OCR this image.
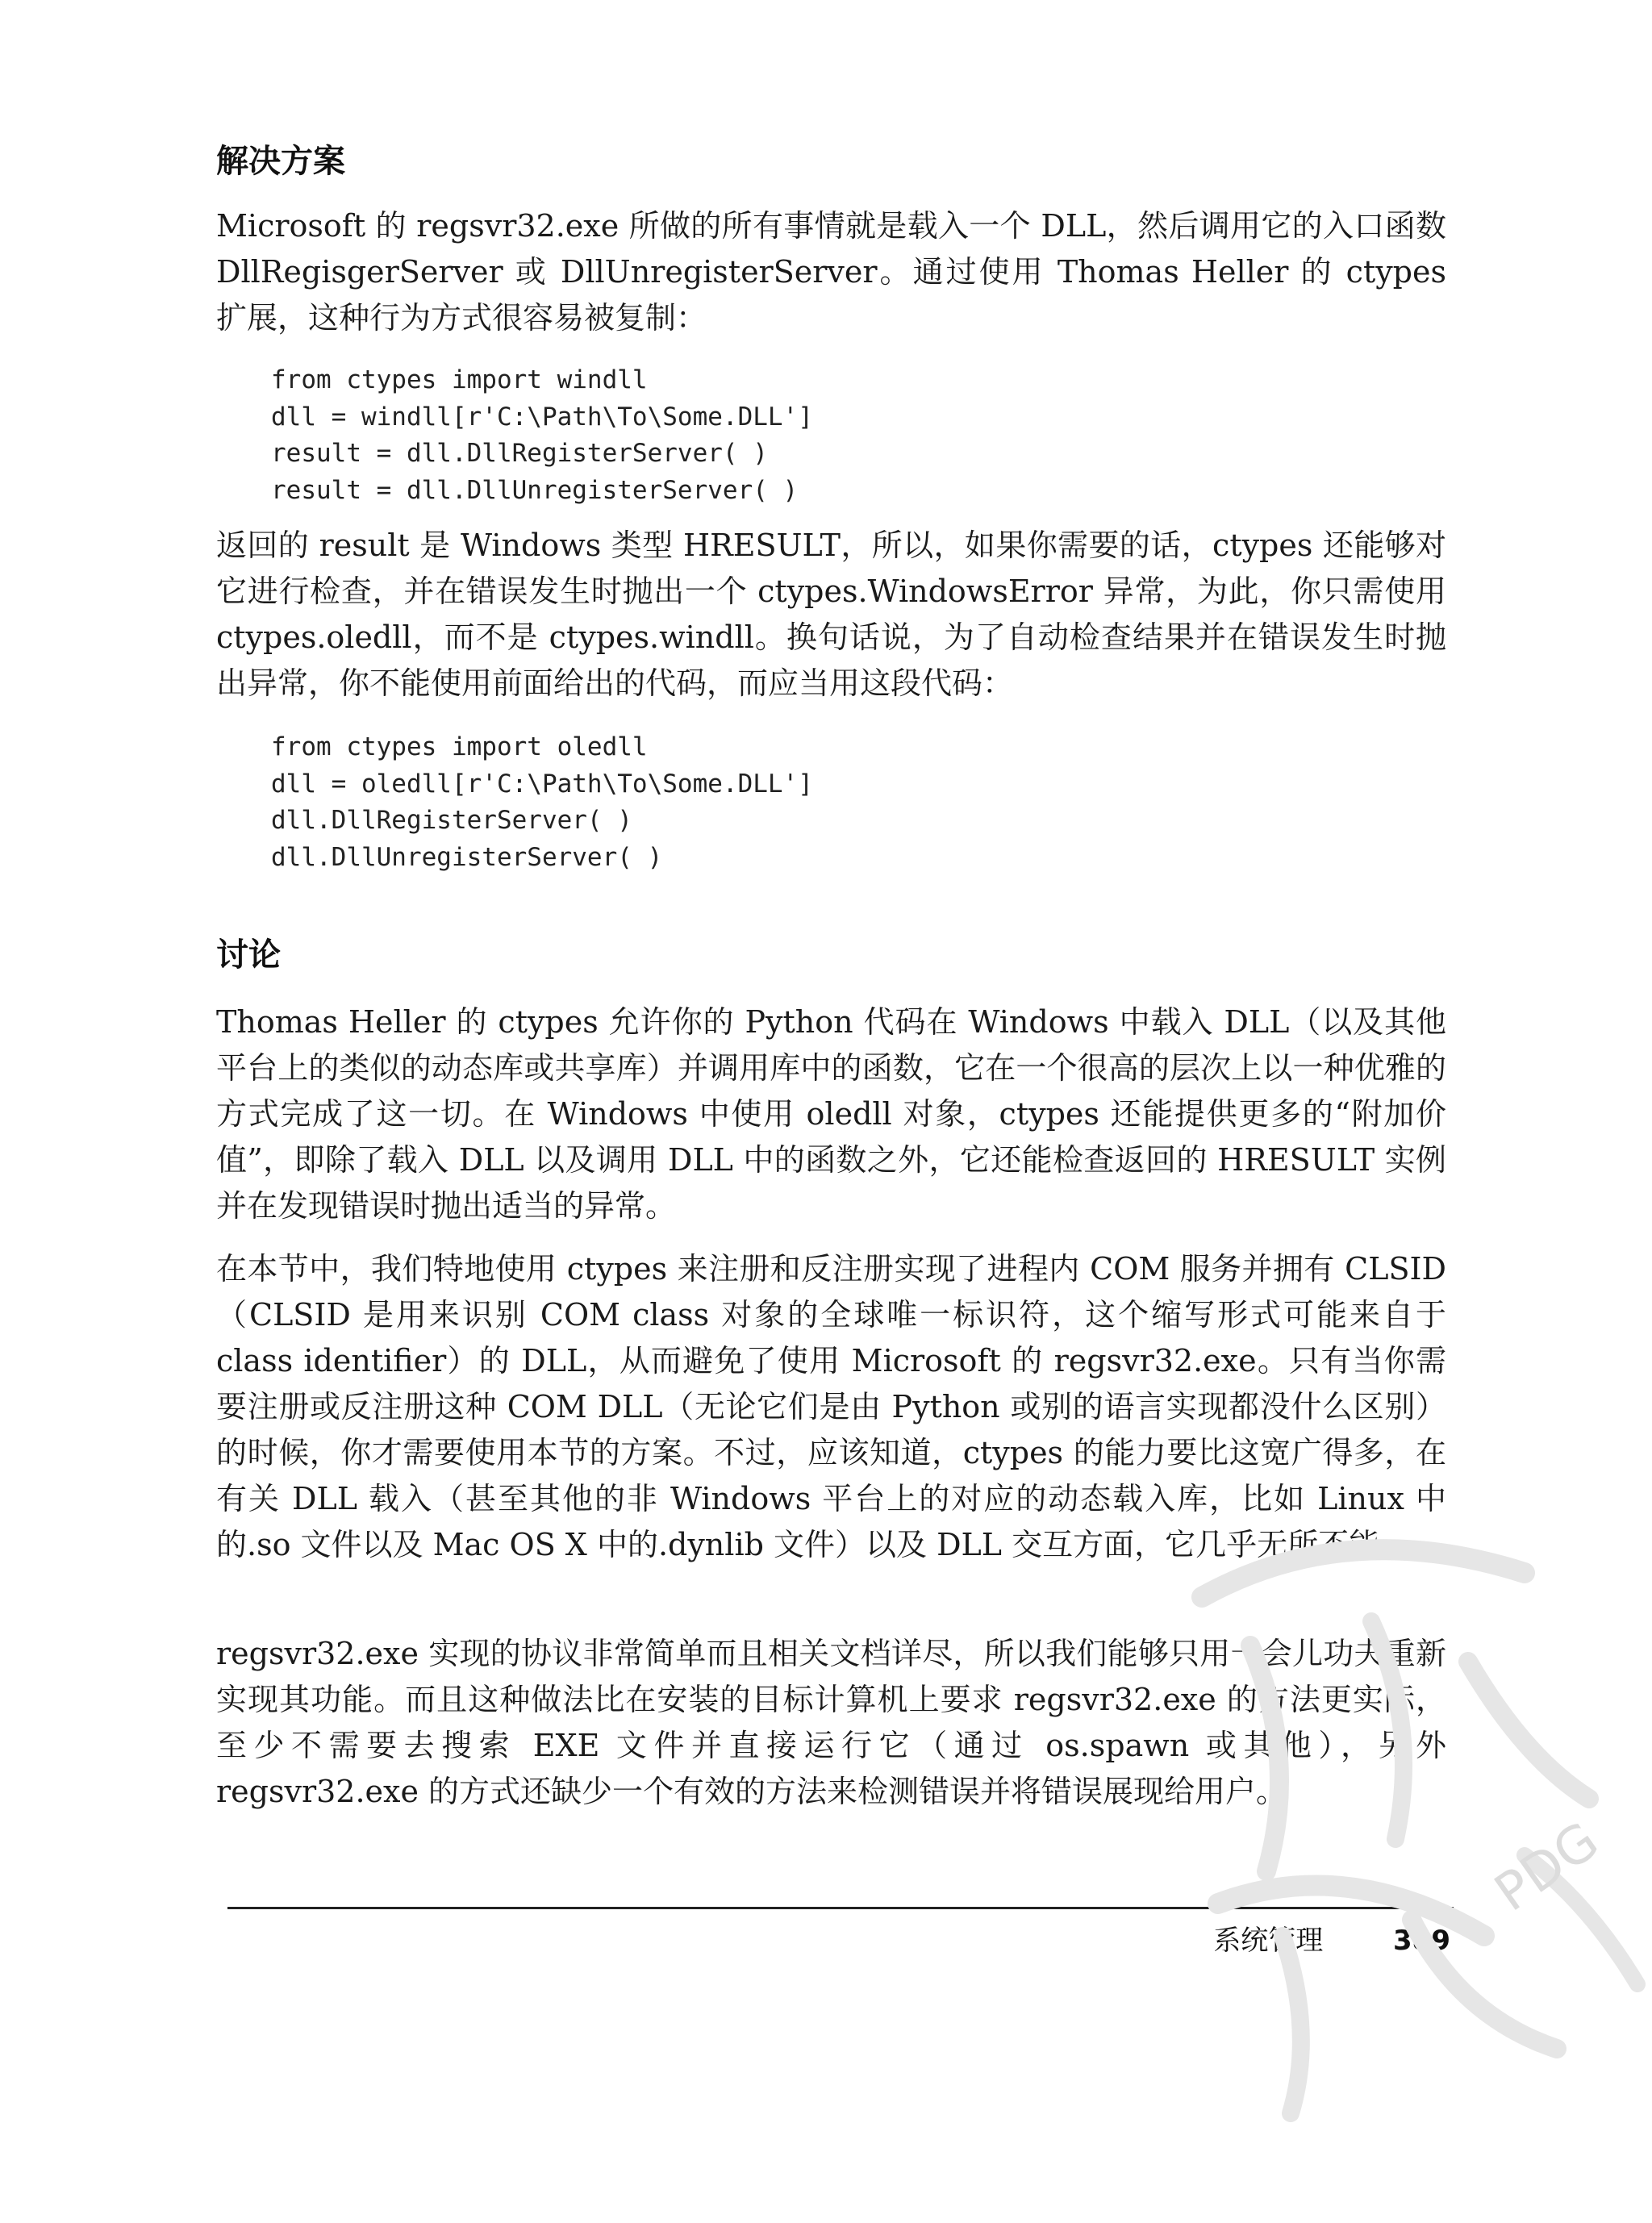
解决方案

Microsoft 的 regsvr32.exe 所做的所有事情就是载入一个 DLL，然后调用它的入口函数 DllRegisgerServer 或 DllUnregisterServer。通过使用 Thomas Heller 的 ctypes 扩展，这种行为方式很容易被复制：

from ctypes import windll
dll = windll[r'C:\Path\To\Some.DLL']
result = dll.DllRegisterServer( )
result = dll.DllUnregisterServer( )

返回的 result 是 Windows 类型 HRESULT，所以，如果你需要的话，ctypes 还能够对它进行检查，并在错误发生时抛出一个 ctypes.WindowsError 异常，为此，你只需使用 ctypes.oledll，而不是 ctypes.windll。换句话说，为了自动检查结果并在错误发生时抛出异常，你不能使用前面给出的代码，而应当用这段代码：

from ctypes import oledll
dll = oledll[r'C:\Path\To\Some.DLL']
dll.DllRegisterServer( )
dll.DllUnregisterServer( )
讨论

Thomas Heller 的 ctypes 允许你的 Python 代码在 Windows 中载入 DLL（以及其他平台上的类似的动态库或共享库）并调用库中的函数，它在一个很高的层次上以一种优雅的方式完成了这一切。在 Windows 中使用 oledll 对象，ctypes 还能提供更多的“附加价值”，即除了载入 DLL 以及调用 DLL 中的函数之外，它还能检查返回的 HRESULT 实例并在发现错误时抛出适当的异常。

在本节中，我们特地使用 ctypes 来注册和反注册实现了进程内 COM 服务并拥有 CLSID（CLSID 是用来识别 COM class 对象的全球唯一标识符，这个缩写形式可能来自于 class identifier）的 DLL，从而避免了使用 Microsoft 的 regsvr32.exe。只有当你需要注册或反注册这种 COM DLL（无论它们是由 Python 或别的语言实现都没什么区别）的时候，你才需要使用本节的方案。不过，应该知道，ctypes 的能力要比这宽广得多，在有关 DLL 载入（甚至其他的非 Windows 平台上的对应的动态载入库，比如 Linux 中的.so 文件以及 Mac OS X 中的.dynlib 文件）以及 DLL 交互方面，它几乎无所不能。

regsvr32.exe 实现的协议非常简单而且相关文档详尽，所以我们能够只用一会儿功夫重新实现其功能。而且这种做法比在安装的目标计算机上要求 regsvr32.exe 的方法更实际，至少不需要去搜索 EXE 文件并直接运行它（通过 os.spawn 或其他），另外 regsvr32.exe 的方式还缺少一个有效的方法来检测错误并将错误展现给用户。

系统管理	389
PDG
